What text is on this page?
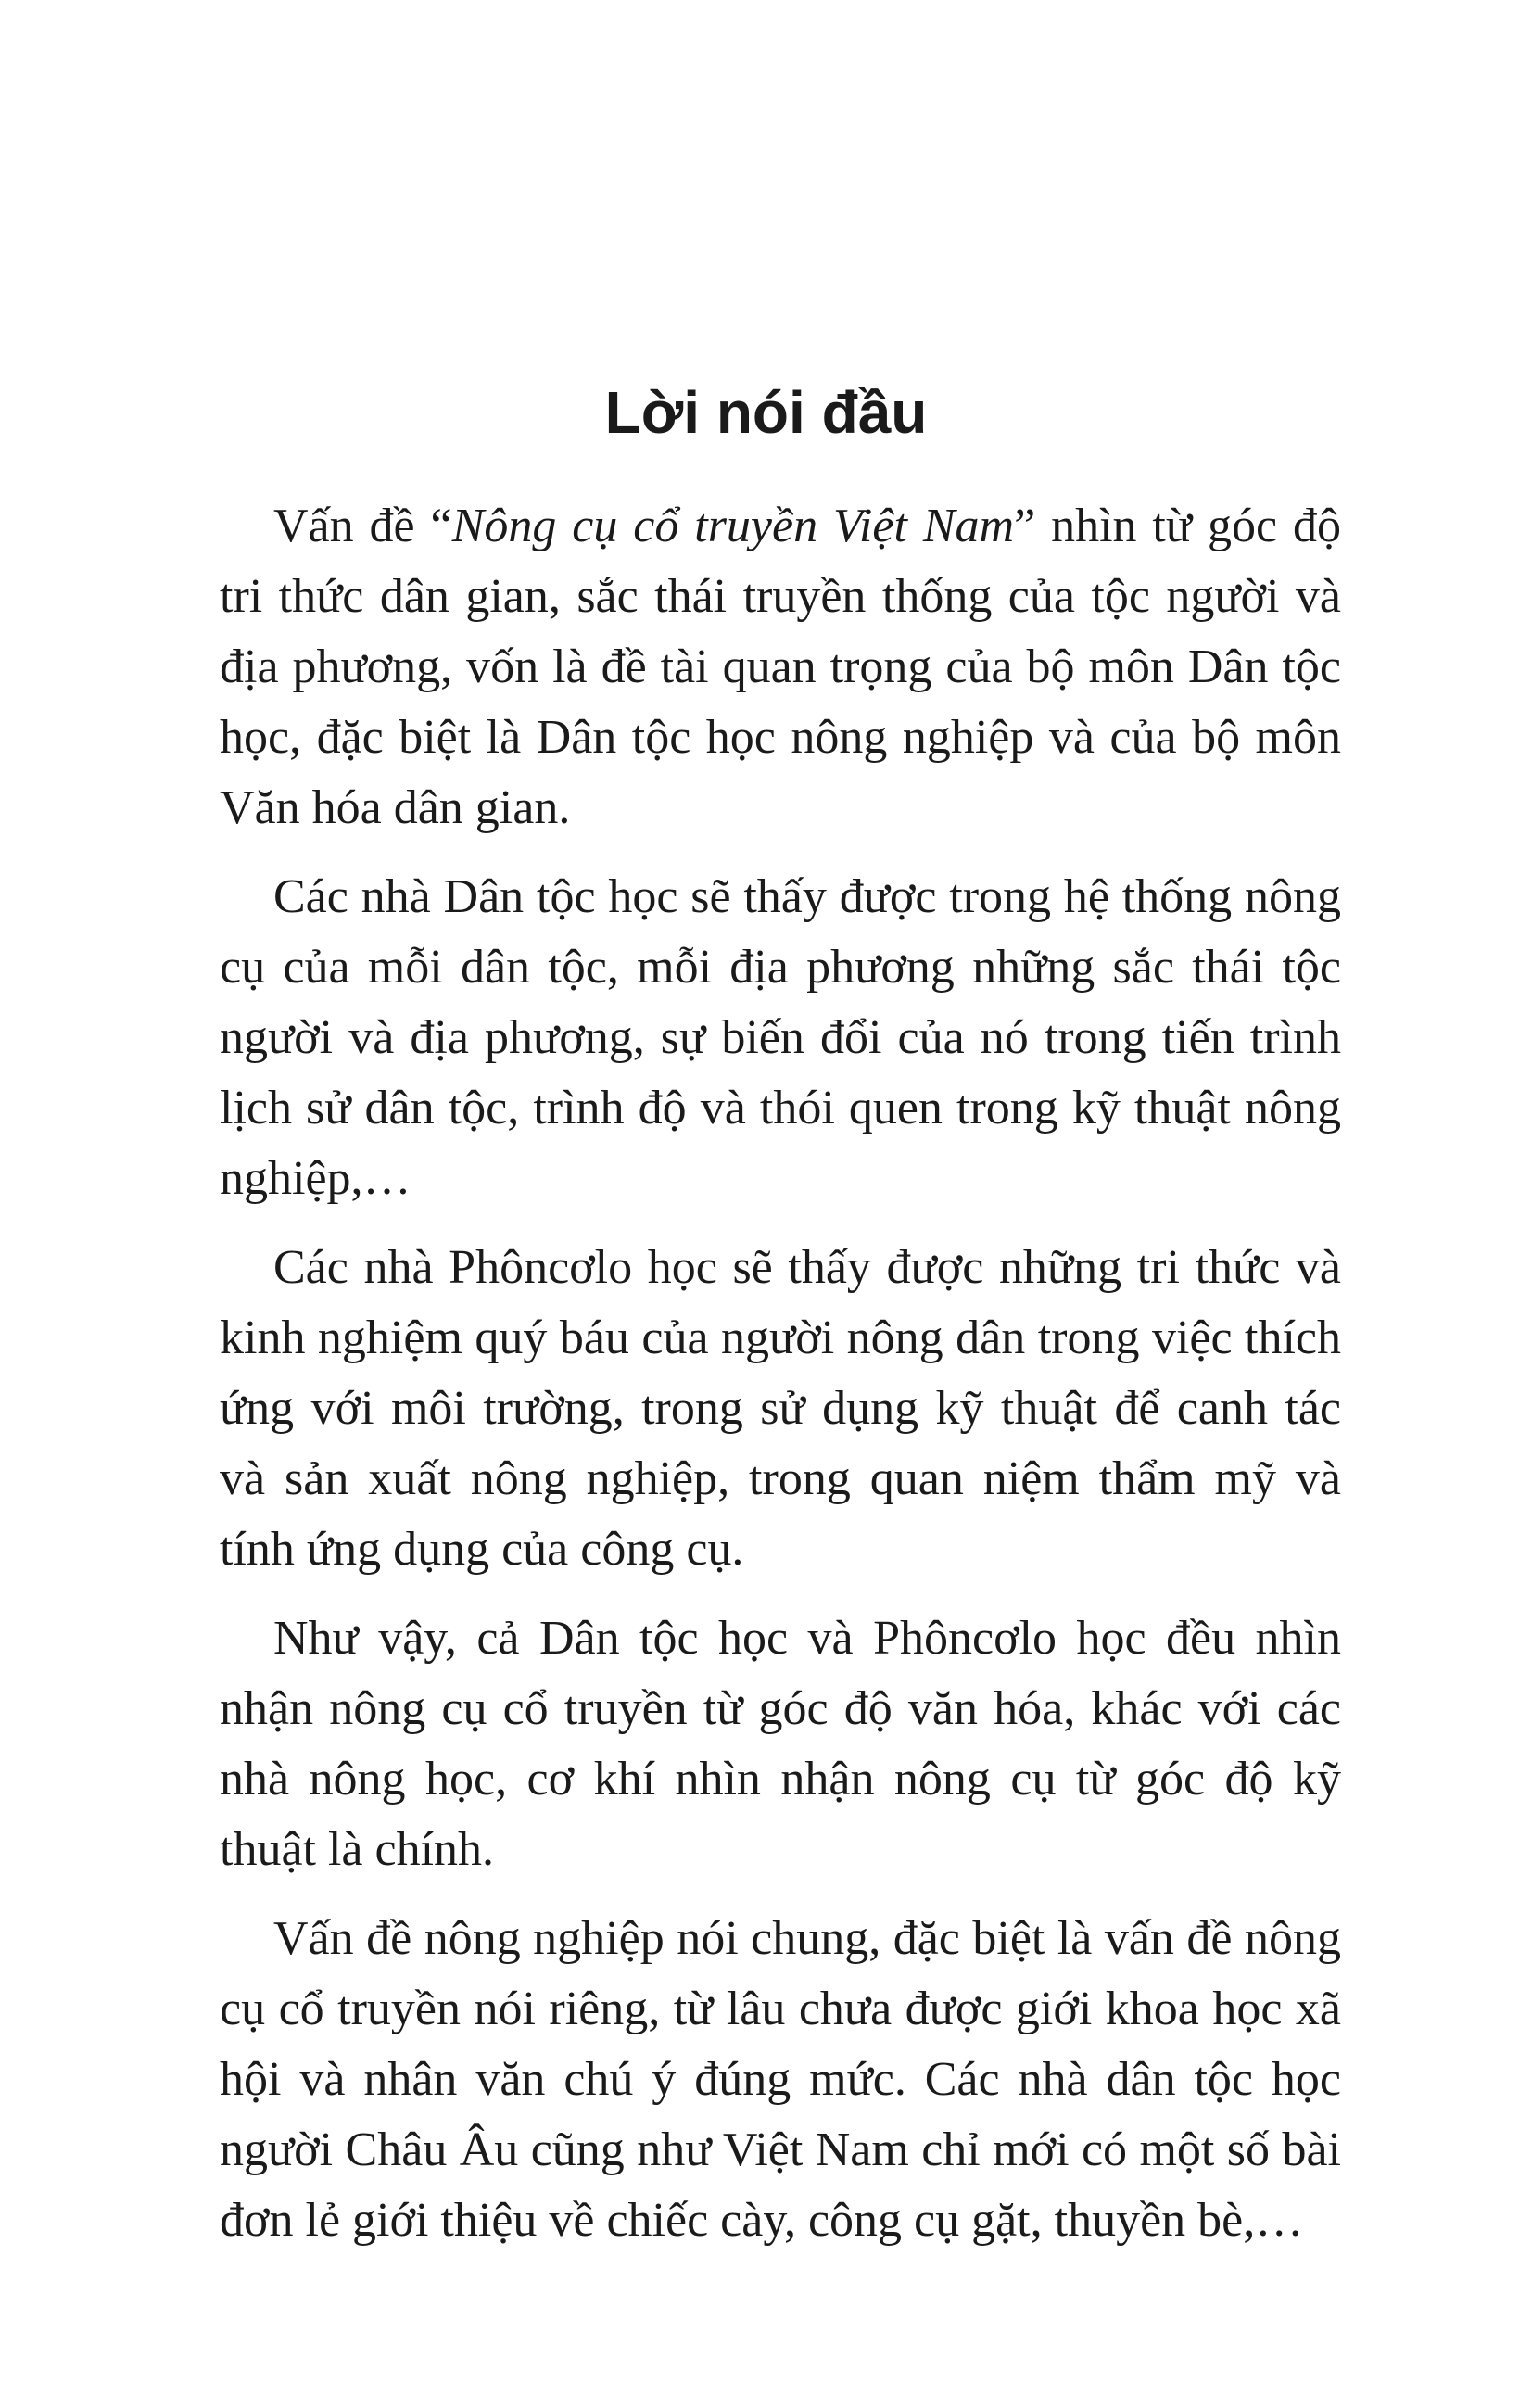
Lời nói đầu

Vấn đề “Nông cụ cổ truyền Việt Nam” nhìn từ góc độ tri thức dân gian, sắc thái truyền thống của tộc người và địa phương, vốn là đề tài quan trọng của bộ môn Dân tộc học, đặc biệt là Dân tộc học nông nghiệp và của bộ môn Văn hóa dân gian.

Các nhà Dân tộc học sẽ thấy được trong hệ thống nông cụ của mỗi dân tộc, mỗi địa phương những sắc thái tộc người và địa phương, sự biến đổi của nó trong tiến trình lịch sử dân tộc, trình độ và thói quen trong kỹ thuật nông nghiệp,…

Các nhà Phôncơlo học sẽ thấy được những tri thức và kinh nghiệm quý báu của người nông dân trong việc thích ứng với môi trường, trong sử dụng kỹ thuật để canh tác và sản xuất nông nghiệp, trong quan niệm thẩm mỹ và tính ứng dụng của công cụ.

Như vậy, cả Dân tộc học và Phôncơlo học đều nhìn nhận nông cụ cổ truyền từ góc độ văn hóa, khác với các nhà nông học, cơ khí nhìn nhận nông cụ từ góc độ kỹ thuật là chính.

Vấn đề nông nghiệp nói chung, đặc biệt là vấn đề nông cụ cổ truyền nói riêng, từ lâu chưa được giới khoa học xã hội và nhân văn chú ý đúng mức. Các nhà dân tộc học người Châu Âu cũng như Việt Nam chỉ mới có một số bài đơn lẻ giới thiệu về chiếc cày, công cụ gặt, thuyền bè,…
